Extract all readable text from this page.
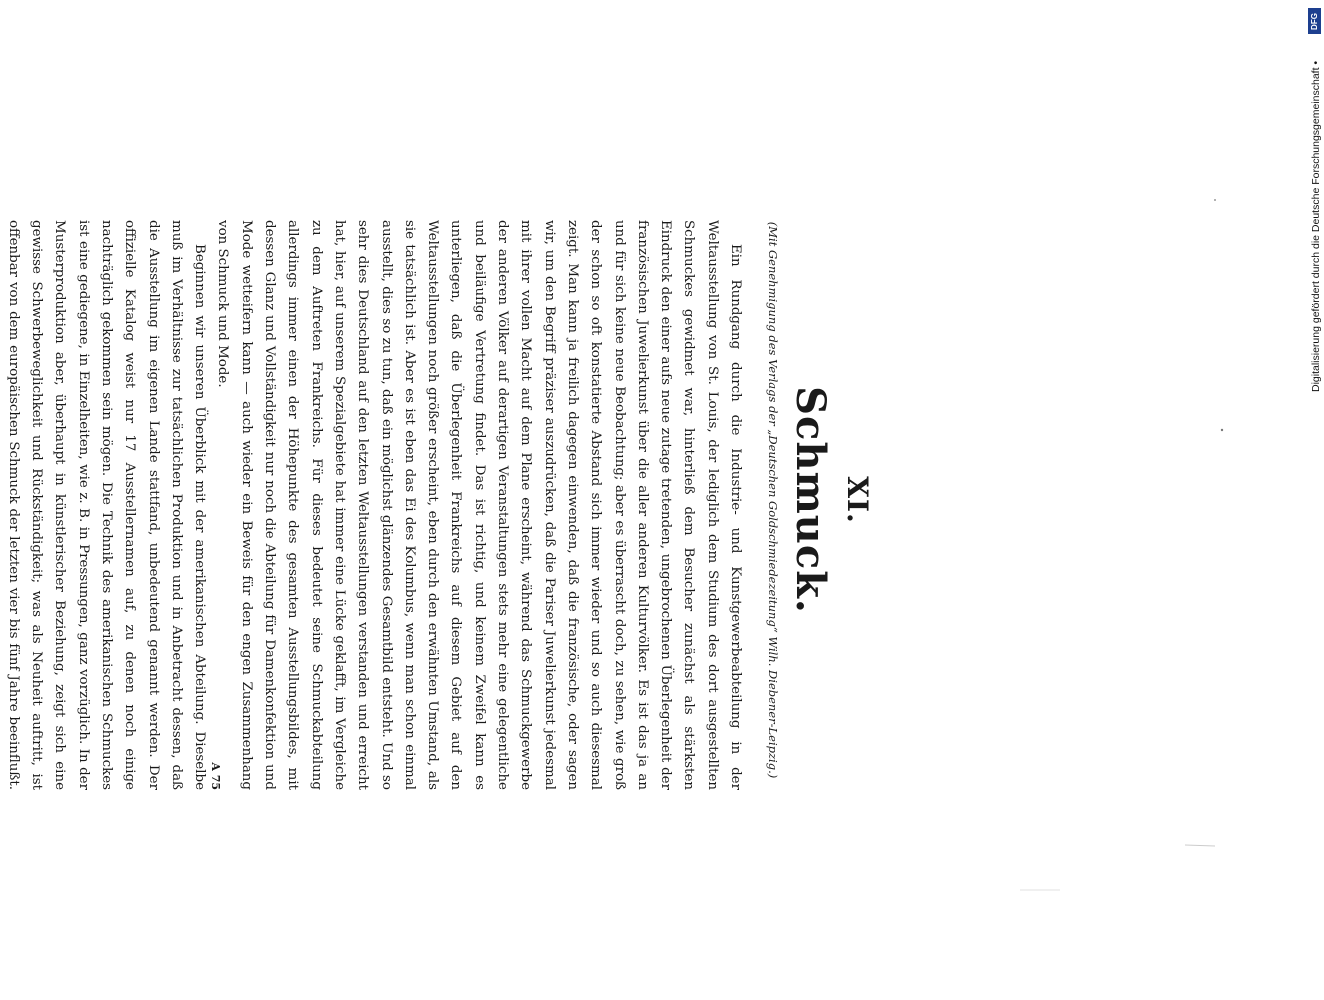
XI.
Schmuck.
(Mit Genehmigung des Verlags der „Deutschen Goldschmiedezeitung“ Wilh. Diebener-Leipzig.)

Ein Rundgang durch die Industrie- und Kunstgewerbeabteilung in der Weltausstellung von St. Louis, der lediglich dem Studium des dort ausgestellten Schmuckes gewidmet war, hinterließ dem Besucher zunächst als stärksten Eindruck den einer aufs neue zutage tretenden, ungebrochenen Überlegenheit der französischen Juwelierkunst über die aller anderen Kulturvölker. Es ist das ja an und für sich keine neue Beobachtung; aber es überrascht doch, zu sehen, wie groß der schon so oft konstatierte Abstand sich immer wieder und so auch diesesmal zeigt. Man kann ja freilich dagegen einwenden, daß die französische, oder sagen wir, um den Begriff präziser auszudrücken, daß die Pariser Juwelierkunst jedesmal mit ihrer vollen Macht auf dem Plane erscheint, während das Schmuckgewerbe der anderen Völker auf derartigen Veranstaltungen stets mehr eine gelegentliche und beiläufige Vertretung findet. Das ist richtig, und keinem Zweifel kann es unterliegen, daß die Überlegenheit Frankreichs auf diesem Gebiet auf den Weltausstellungen noch größer erscheint, eben durch den erwähnten Umstand, als sie tatsächlich ist. Aber es ist eben das Ei des Kolumbus, wenn man schon einmal ausstellt, dies so zu tun, daß ein möglichst glänzendes Gesamtbild entsteht. Und so sehr dies Deutschland auf den letzten Weltausstellungen verstanden und erreicht hat, hier, auf unserem Spezialgebiete hat immer eine Lücke geklafft, im Vergleiche zu dem Auftreten Frankreichs. Für dieses bedeutet seine Schmuckabteilung allerdings immer einen der Höhepunkte des gesamten Ausstellungsbildes, mit dessen Glanz und Vollständigkeit nur noch die Abteilung für Damenkonfektion und Mode wetteifern kann — auch wieder ein Beweis für den engen Zusammenhang von Schmuck und Mode.

Beginnen wir unseren Überblick mit der amerikanischen Abteilung. Dieselbe muß im Verhältnisse zur tatsächlichen Produktion und in Anbetracht dessen, daß die Ausstellung im eigenen Lande stattfand, unbedeutend genannt werden. Der offizielle Katalog weist nur 17 Ausstellernamen auf, zu denen noch einige nachträglich gekommen sein mögen. Die Technik des amerikanischen Schmuckes ist eine gediegene, in Einzelheiten, wie z. B. in Pressungen, ganz vorzüglich. In der Musterproduktion aber, überhaupt in künstlerischer Beziehung, zeigt sich eine gewisse Schwerbeweglichkeit und Rückständigkeit; was als Neuheit auftritt, ist offenbar von dem europäischen Schmuck der letzten vier bis fünf Jahre beeinflußt.	A 75
DFG
Digitalisierung gefördert durch die Deutsche Forschungsgemeinschaft •
